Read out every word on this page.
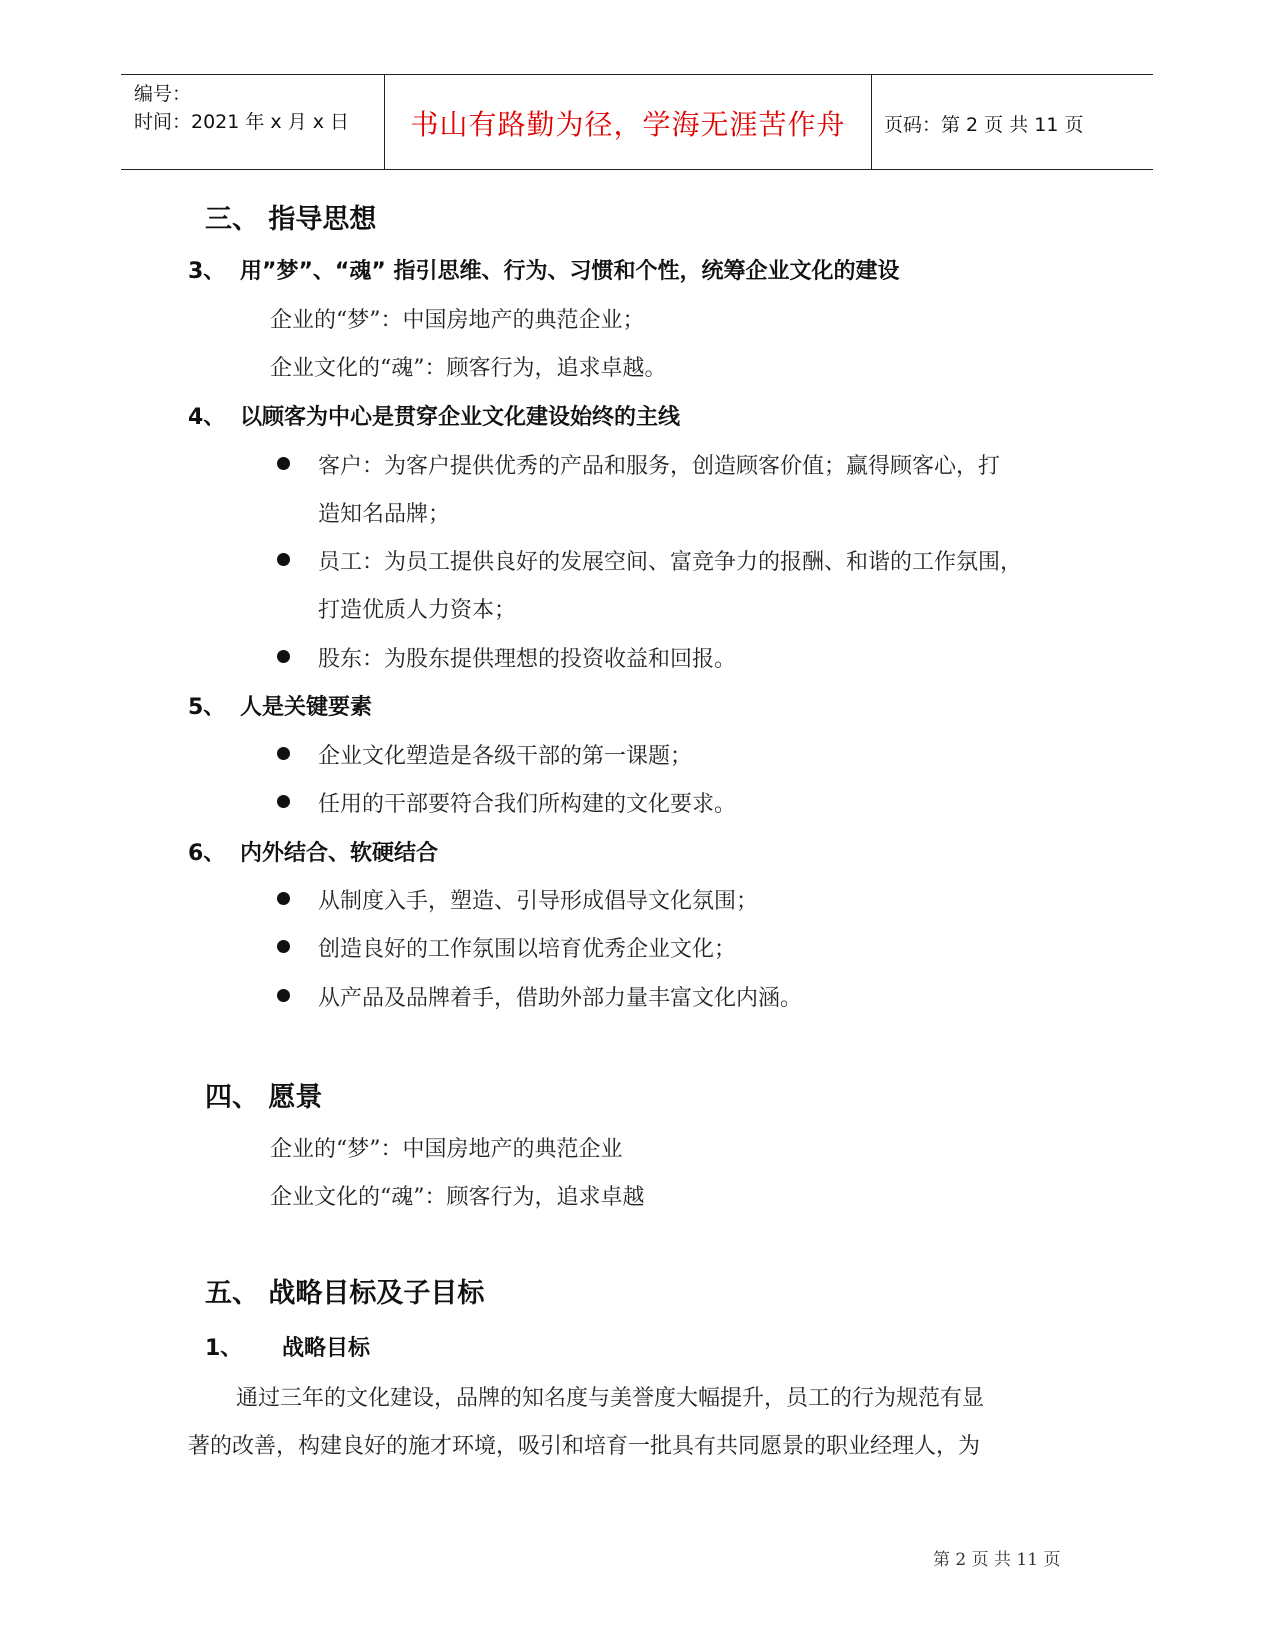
编号：
时间：2021 年 x 月 x 日	书山有路勤为径，学海无涯苦作舟	页码：第 2 页 共 11 页
三、 指导思想
3、 用”梦”、“魂” 指引思维、行为、习惯和个性，统筹企业文化的建设
企业的“梦”：中国房地产的典范企业；
企业文化的“魂”：顾客行为，追求卓越。
4、 以顾客为中心是贯穿企业文化建设始终的主线
客户：为客户提供优秀的产品和服务，创造顾客价值；赢得顾客心，打
造知名品牌；
员工：为员工提供良好的发展空间、富竞争力的报酬、和谐的工作氛围，
打造优质人力资本；
股东：为股东提供理想的投资收益和回报。
5、 人是关键要素
企业文化塑造是各级干部的第一课题；
任用的干部要符合我们所构建的文化要求。
6、 内外结合、软硬结合
从制度入手，塑造、引导形成倡导文化氛围；
创造良好的工作氛围以培育优秀企业文化；
从产品及品牌着手，借助外部力量丰富文化内涵。
四、 愿景
企业的“梦”：中国房地产的典范企业
企业文化的“魂”：顾客行为，追求卓越
五、 战略目标及子目标
1、 战略目标
通过三年的文化建设，品牌的知名度与美誉度大幅提升，员工的行为规范有显
著的改善，构建良好的施才环境，吸引和培育一批具有共同愿景的职业经理人，为
第 2 页 共 11 页
